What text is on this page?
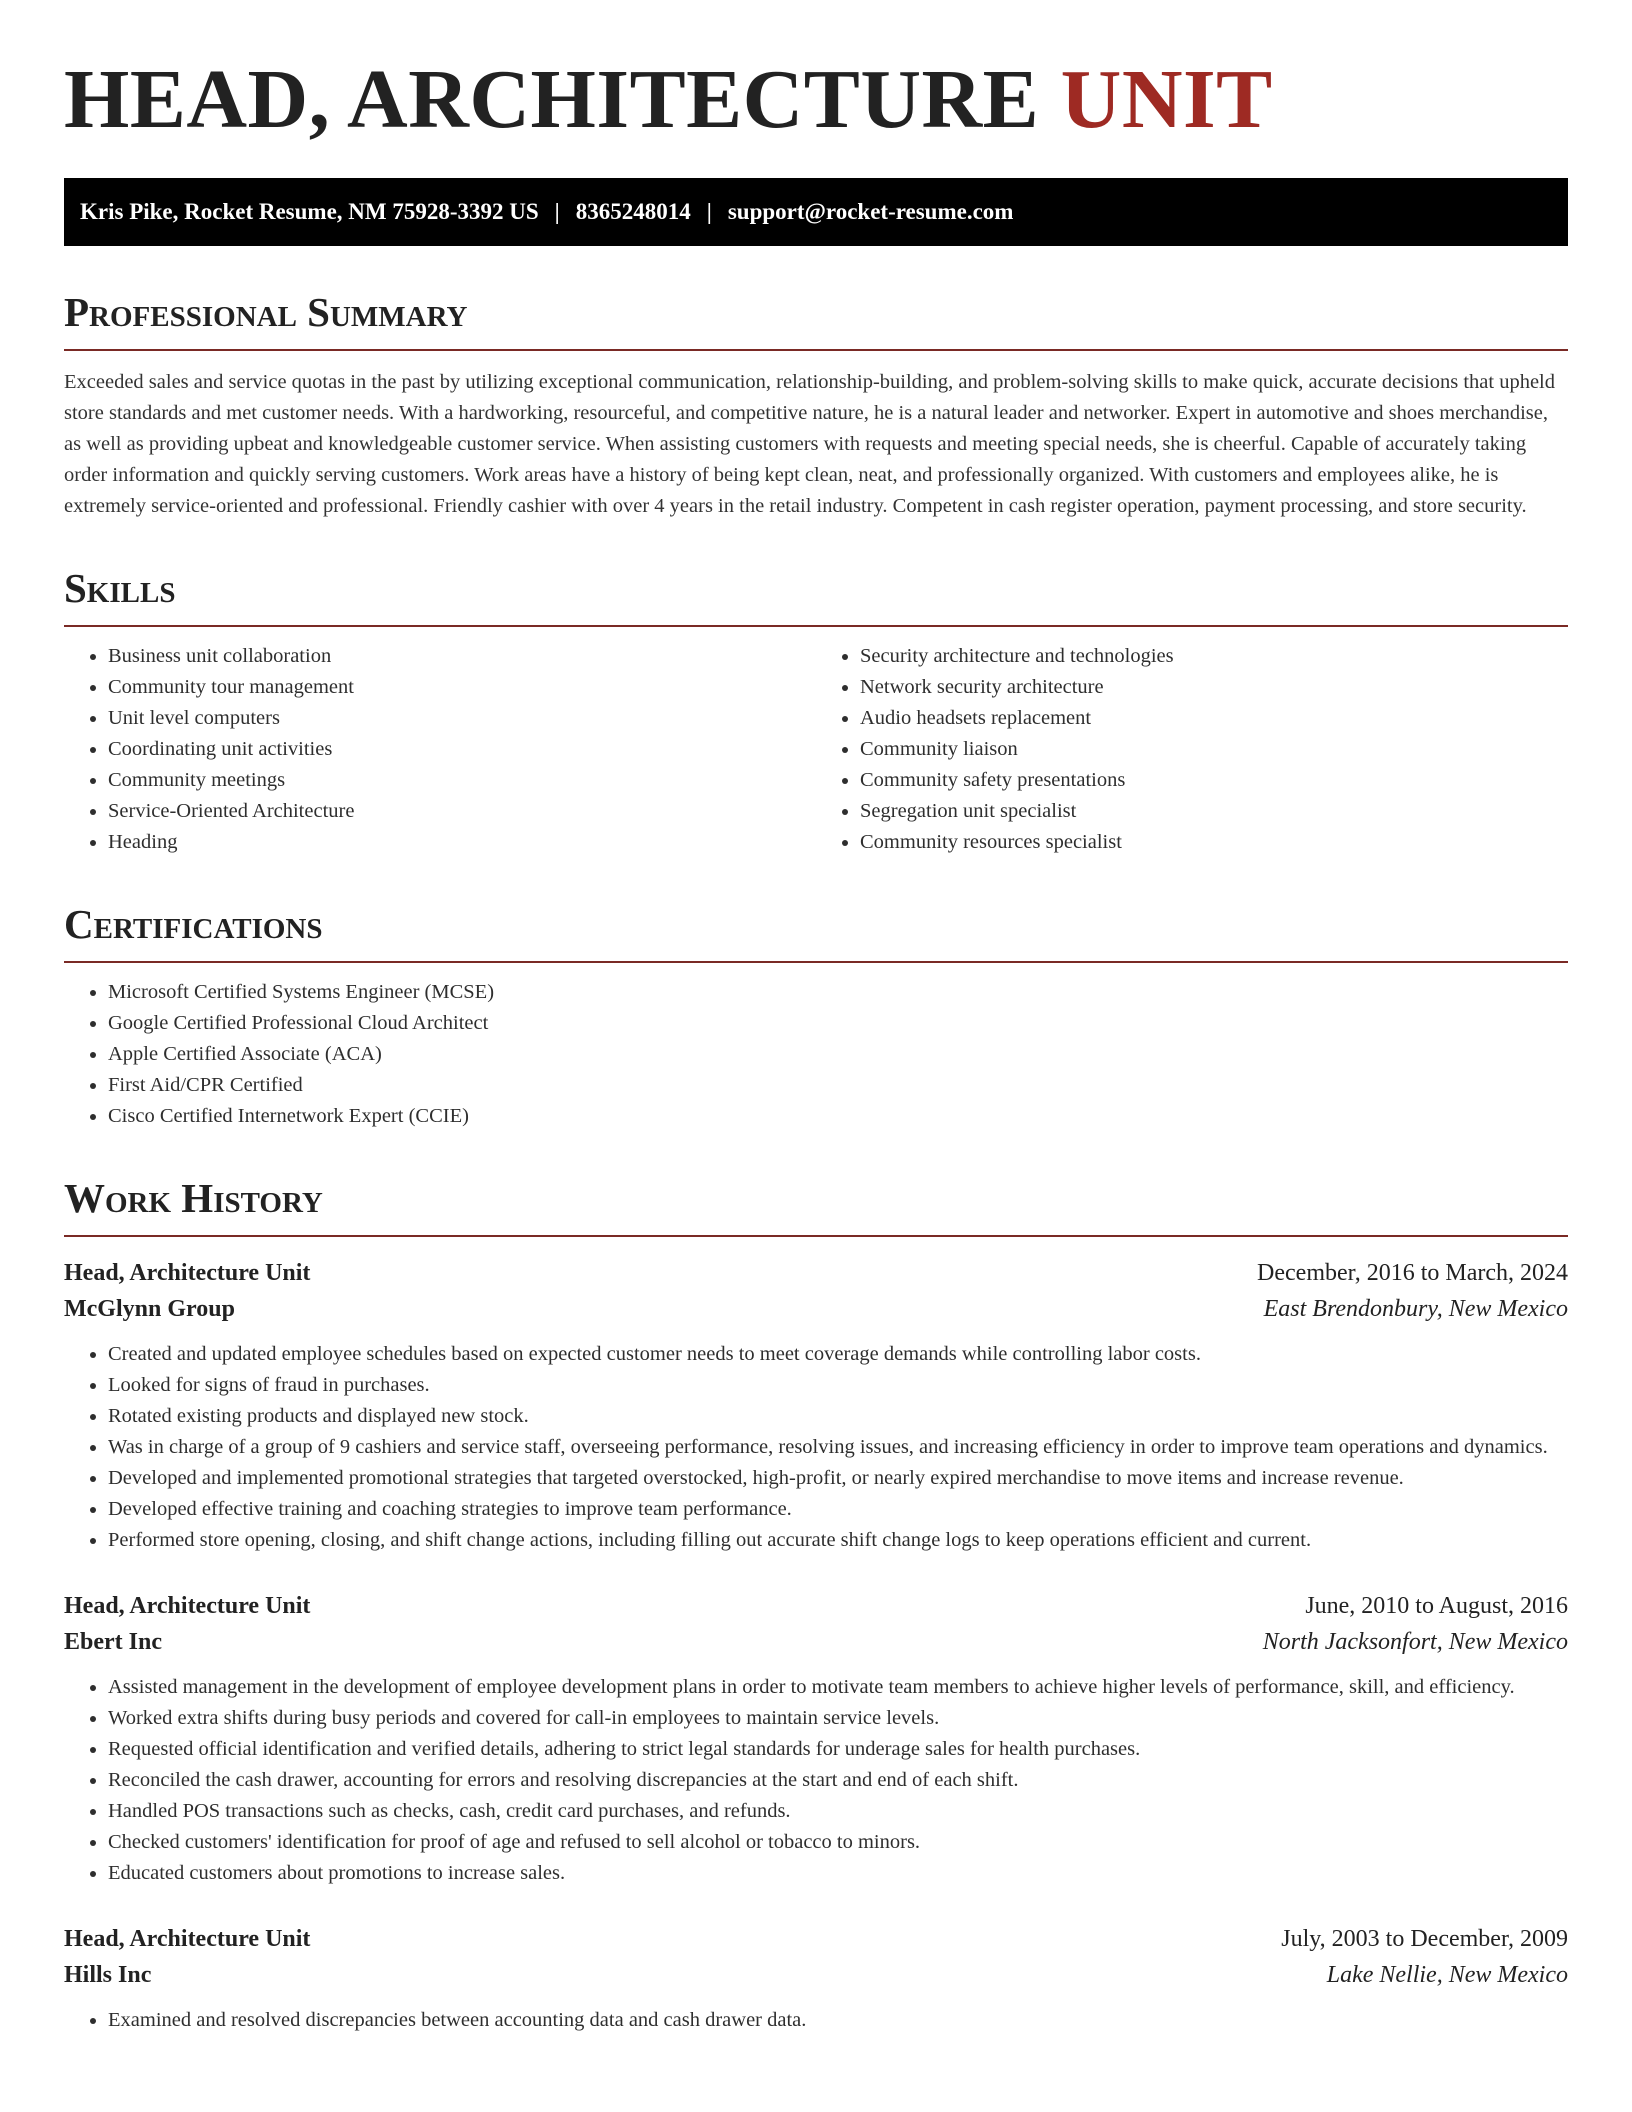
HEAD, ARCHITECTURE UNIT
Kris Pike, Rocket Resume, NM 75928-3392 US | 8365248014 | support@rocket-resume.com
Professional Summary

Exceeded sales and service quotas in the past by utilizing exceptional communication, relationship-building, and problem-solving skills to make quick, accurate decisions that upheld store standards and met customer needs. With a hardworking, resourceful, and competitive nature, he is a natural leader and networker. Expert in automotive and shoes merchandise, as well as providing upbeat and knowledgeable customer service. When assisting customers with requests and meeting special needs, she is cheerful. Capable of accurately taking order information and quickly serving customers. Work areas have a history of being kept clean, neat, and professionally organized. With customers and employees alike, he is extremely service-oriented and professional. Friendly cashier with over 4 years in the retail industry. Competent in cash register operation, payment processing, and store security.

Skills
• Business unit collaboration
• Community tour management
• Unit level computers
• Coordinating unit activities
• Community meetings
• Service-Oriented Architecture
• Heading
• Security architecture and technologies
• Network security architecture
• Audio headsets replacement
• Community liaison
• Community safety presentations
• Segregation unit specialist
• Community resources specialist
Certifications
• Microsoft Certified Systems Engineer (MCSE)
• Google Certified Professional Cloud Architect
• Apple Certified Associate (ACA)
• First Aid/CPR Certified
• Cisco Certified Internetwork Expert (CCIE)
Work History
Head, Architecture Unit	December, 2016 to March, 2024
McGlynn Group	East Brendonbury, New Mexico
• Created and updated employee schedules based on expected customer needs to meet coverage demands while controlling labor costs.
• Looked for signs of fraud in purchases.
• Rotated existing products and displayed new stock.
• Was in charge of a group of 9 cashiers and service staff, overseeing performance, resolving issues, and increasing efficiency in order to improve team operations and dynamics.
• Developed and implemented promotional strategies that targeted overstocked, high-profit, or nearly expired merchandise to move items and increase revenue.
• Developed effective training and coaching strategies to improve team performance.
• Performed store opening, closing, and shift change actions, including filling out accurate shift change logs to keep operations efficient and current.
Head, Architecture Unit	June, 2010 to August, 2016
Ebert Inc	North Jacksonfort, New Mexico
• Assisted management in the development of employee development plans in order to motivate team members to achieve higher levels of performance, skill, and efficiency.
• Worked extra shifts during busy periods and covered for call-in employees to maintain service levels.
• Requested official identification and verified details, adhering to strict legal standards for underage sales for health purchases.
• Reconciled the cash drawer, accounting for errors and resolving discrepancies at the start and end of each shift.
• Handled POS transactions such as checks, cash, credit card purchases, and refunds.
• Checked customers' identification for proof of age and refused to sell alcohol or tobacco to minors.
• Educated customers about promotions to increase sales.
Head, Architecture Unit	July, 2003 to December, 2009
Hills Inc	Lake Nellie, New Mexico
• Examined and resolved discrepancies between accounting data and cash drawer data.
